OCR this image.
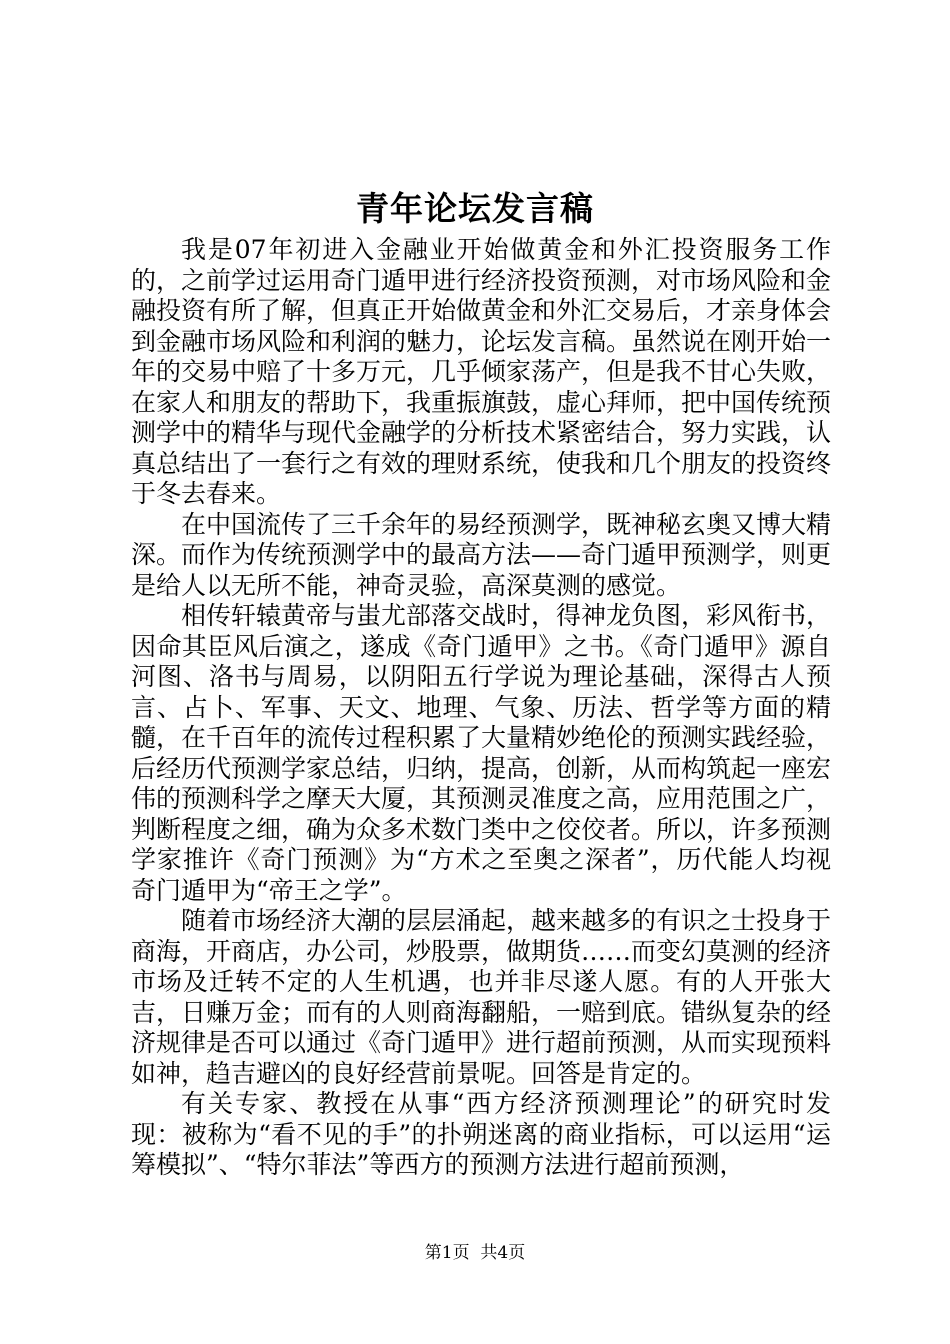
青年论坛发言稿

我是07年初进入金融业开始做黄金和外汇投资服务工作的，之前学过运用奇门遁甲进行经济投资预测，对市场风险和金融投资有所了解，但真正开始做黄金和外汇交易后，才亲身体会到金融市场风险和利润的魅力，论坛发言稿。虽然说在刚开始一年的交易中赔了十多万元，几乎倾家荡产，但是我不甘心失败，在家人和朋友的帮助下，我重振旗鼓，虚心拜师，把中国传统预测学中的精华与现代金融学的分析技术紧密结合，努力实践，认真总结出了一套行之有效的理财系统，使我和几个朋友的投资终于冬去春来。

在中国流传了三千余年的易经预测学，既神秘玄奥又博大精深。而作为传统预测学中的最高方法——奇门遁甲预测学，则更是给人以无所不能，神奇灵验，高深莫测的感觉。

相传轩辕黄帝与蚩尤部落交战时，得神龙负图，彩风衔书，因命其臣风后演之，遂成《奇门遁甲》之书。《奇门遁甲》源自河图、洛书与周易，以阴阳五行学说为理论基础，深得古人预言、占卜、军事、天文、地理、气象、历法、哲学等方面的精髓，在千百年的流传过程积累了大量精妙绝伦的预测实践经验，后经历代预测学家总结，归纳，提高，创新，从而构筑起一座宏伟的预测科学之摩天大厦，其预测灵准度之高，应用范围之广，判断程度之细，确为众多术数门类中之佼佼者。所以，许多预测学家推许《奇门预测》为“方术之至奥之深者”，历代能人均视奇门遁甲为“帝王之学”。

随着市场经济大潮的层层涌起，越来越多的有识之士投身于商海，开商店，办公司，炒股票，做期货……而变幻莫测的经济市场及迁转不定的人生机遇，也并非尽遂人愿。有的人开张大吉，日赚万金；而有的人则商海翻船，一赔到底。错纵复杂的经济规律是否可以通过《奇门遁甲》进行超前预测，从而实现预料如神，趋吉避凶的良好经营前景呢。回答是肯定的。

有关专家、教授在从事“西方经济预测理论”的研究时发现：被称为“看不见的手”的扑朔迷离的商业指标，可以运用“运筹模拟”、“特尔菲法”等西方的预测方法进行超前预测，

第1页  共4页
